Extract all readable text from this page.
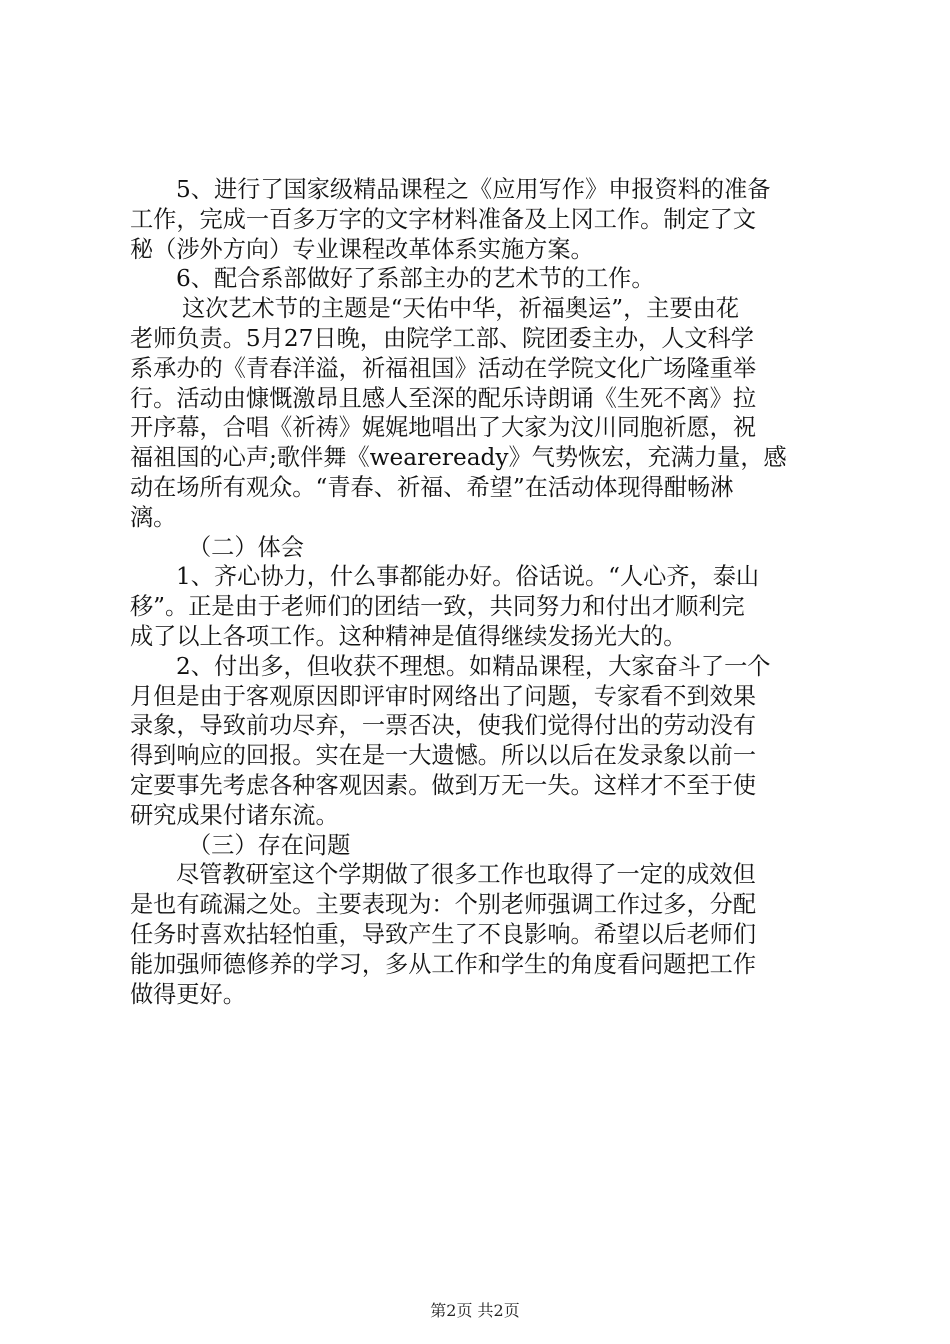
5、进行了国家级精品课程之《应用写作》申报资料的准备
工作，完成一百多万字的文字材料准备及上冈工作。制定了文
秘（涉外方向）专业课程改革体系实施方案。
6、配合系部做好了系部主办的艺术节的工作。
这次艺术节的主题是“天佑中华，祈福奥运”，主要由花
老师负责。5月27日晚，由院学工部、院团委主办，人文科学
系承办的《青春洋溢，祈福祖国》活动在学院文化广场隆重举
行。活动由慷慨激昂且感人至深的配乐诗朗诵《生死不离》拉
开序幕，合唱《祈祷》娓娓地唱出了大家为汶川同胞祈愿，祝
福祖国的心声;歌伴舞《weareready》气势恢宏，充满力量，感
动在场所有观众。“青春、祈福、希望”在活动体现得酣畅淋
漓。
（二）体会
1、齐心协力，什么事都能办好。俗话说。“人心齐，泰山
移”。正是由于老师们的团结一致，共同努力和付出才顺利完
成了以上各项工作。这种精神是值得继续发扬光大的。
2、付出多，但收获不理想。如精品课程，大家奋斗了一个
月但是由于客观原因即评审时网络出了问题，专家看不到效果
录象，导致前功尽弃，一票否决，使我们觉得付出的劳动没有
得到响应的回报。实在是一大遗憾。所以以后在发录象以前一
定要事先考虑各种客观因素。做到万无一失。这样才不至于使
研究成果付诸东流。
（三）存在问题
尽管教研室这个学期做了很多工作也取得了一定的成效但
是也有疏漏之处。主要表现为：个别老师强调工作过多，分配
任务时喜欢拈轻怕重，导致产生了不良影响。希望以后老师们
能加强师德修养的学习，多从工作和学生的角度看问题把工作
做得更好。
第2页 共2页
